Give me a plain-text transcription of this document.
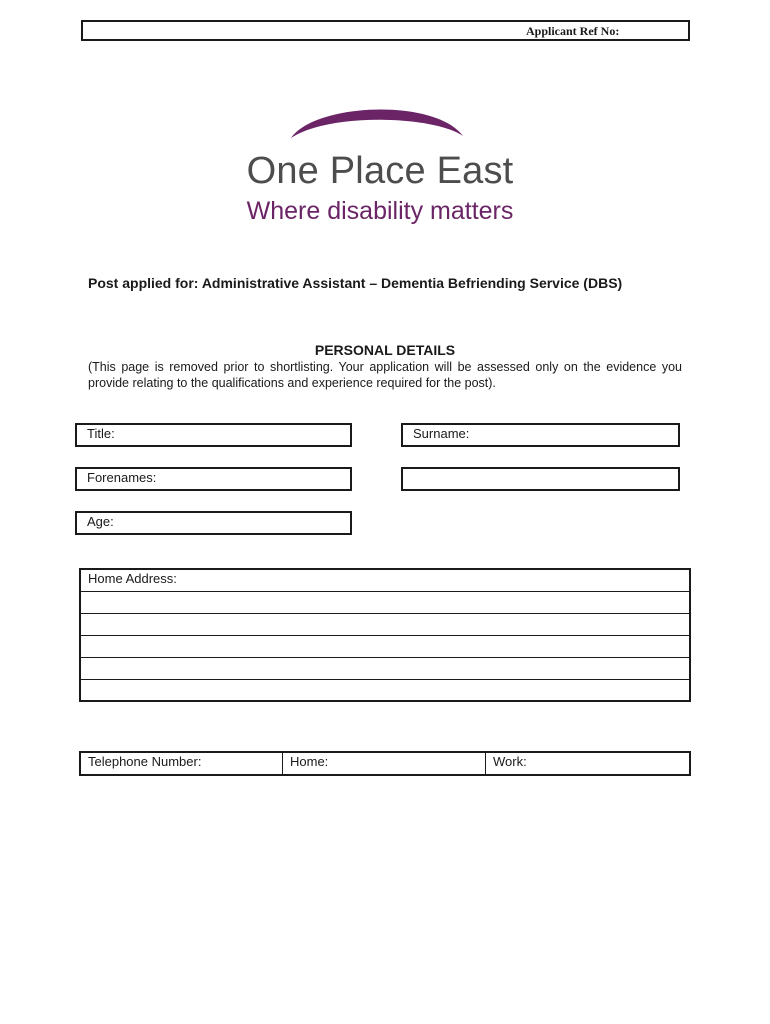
Applicant Ref No:
One Place East
Where disability matters
Post applied for: Administrative Assistant – Dementia Befriending Service (DBS)
PERSONAL DETAILS
(This page is removed prior to shortlisting. Your application will be assessed only on the evidence you provide relating to the qualifications and experience required for the post).
Title:	Surname:
Forenames:
Age:
Home Address:
Telephone Number:	Home:	Work:
